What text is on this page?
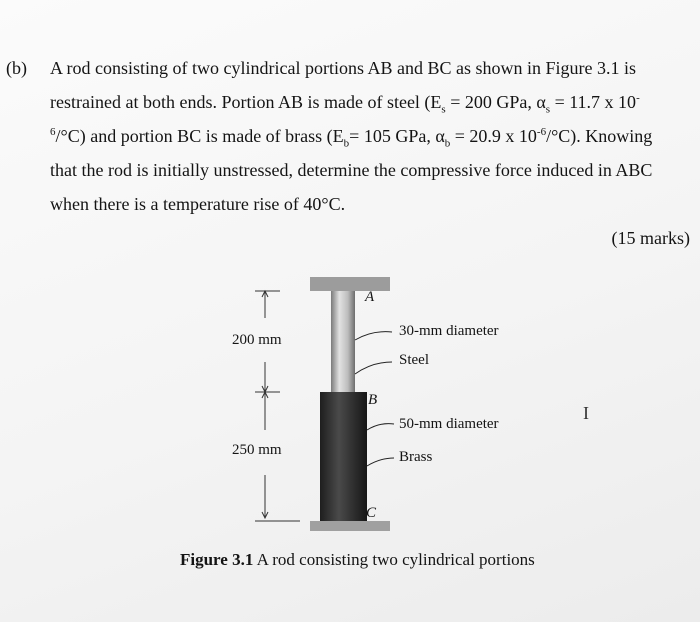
(b) A rod consisting of two cylindrical portions AB and BC as shown in Figure 3.1 is
restrained at both ends. Portion AB is made of steel ($E_s = 200$ GPa, $\alpha_s = 11.7$ x 10-
$^6$/°C) and portion BC is made of brass ($E_b= 105$ GPa, $\alpha_b = 20.9$ x $10^{-6}/^\circ C$). Knowing
that the rod is initially unstressed, determine the compressive force induced in ABC
when there is a temperature rise of 40°C.
(15 marks)
A
B
C
200 mm
250 mm
30-mm diameter
Steel
50-mm diameter
Brass
Figure 3.1 A rod consisting two cylindrical portions
I
